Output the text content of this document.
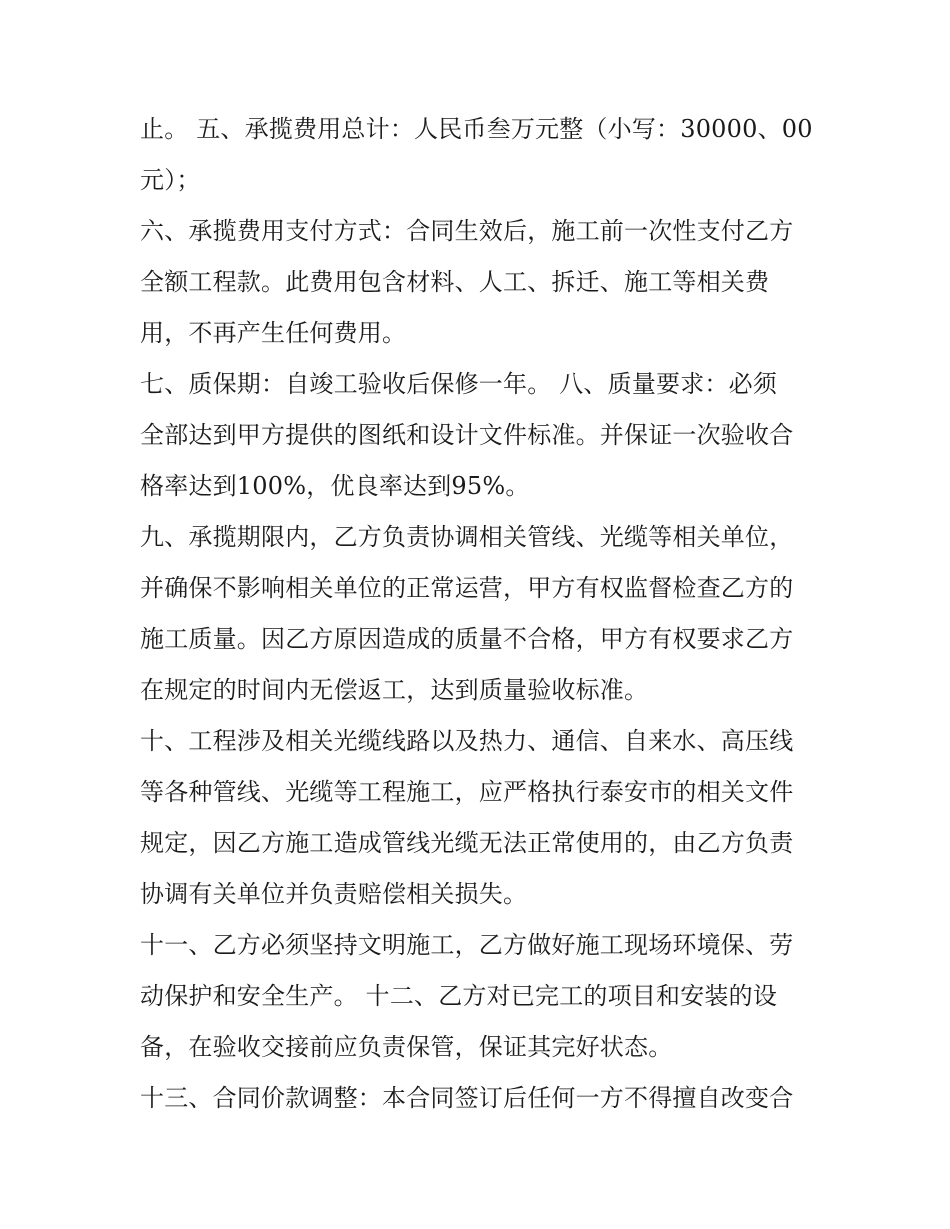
止。 五、承揽费用总计：人民币叁万元整（小写：30000、00
元）；
六、承揽费用支付方式：合同生效后，施工前一次性支付乙方
全额工程款。此费用包含材料、人工、拆迁、施工等相关费
用，不再产生任何费用。
七、质保期：自竣工验收后保修一年。 八、质量要求：必须
全部达到甲方提供的图纸和设计文件标准。并保证一次验收合
格率达到100%，优良率达到95%。
九、承揽期限内，乙方负责协调相关管线、光缆等相关单位，
并确保不影响相关单位的正常运营，甲方有权监督检查乙方的
施工质量。因乙方原因造成的质量不合格，甲方有权要求乙方
在规定的时间内无偿返工，达到质量验收标准。
十、工程涉及相关光缆线路以及热力、通信、自来水、高压线
等各种管线、光缆等工程施工，应严格执行泰安市的相关文件
规定，因乙方施工造成管线光缆无法正常使用的，由乙方负责
协调有关单位并负责赔偿相关损失。
十一、乙方必须坚持文明施工，乙方做好施工现场环境保、劳
动保护和安全生产。 十二、乙方对已完工的项目和安装的设
备，在验收交接前应负责保管，保证其完好状态。
十三、合同价款调整：本合同签订后任何一方不得擅自改变合
